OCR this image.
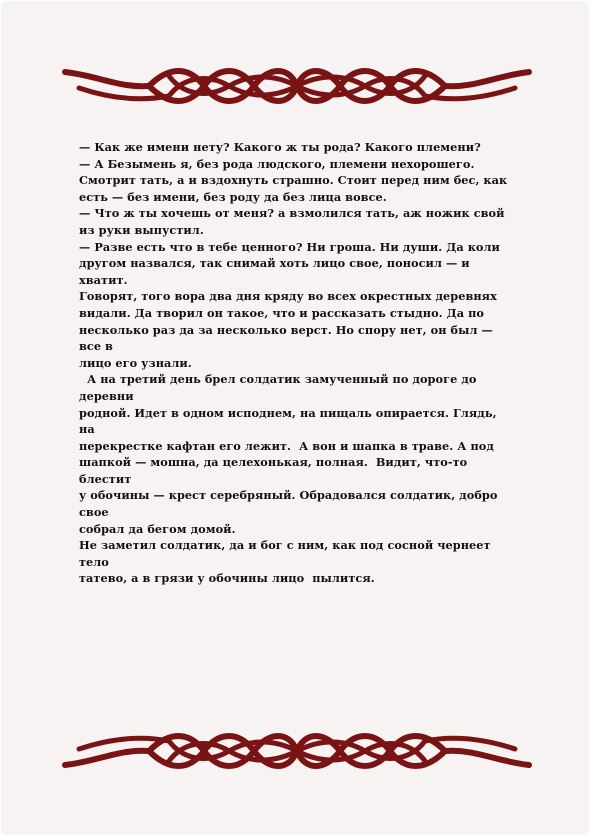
— Как же имени нету? Какого ж ты рода? Какого племени?

— А Безымень я, без рода людского, племени нехорошего.

Смотрит тать, а и вздохнуть страшно. Стоит перед ним бес, как

есть — без имени, без роду да без лица вовсе.

— Что ж ты хочешь от меня? а взмолился тать, аж ножик свой

из руки выпустил.

— Разве есть что в тебе ценного? Ни гроша. Ни души. Да коли

другом назвался, так снимай хоть лицо свое, поносил — и хватит.

Говорят, того вора два дня кряду во всех окрестных деревнях

видали. Да творил он такое, что и рассказать стыдно. Да по

несколько раз да за несколько верст. Но спору нет, он был — все в

лицо его узнали.

А на третий день брел солдатик замученный по дороге до деревни

родной. Идет в одном исподнем, на пищаль опирается. Глядь, на

перекрестке кафтан его лежит.  А вон и шапка в траве. А под

шапкой — мошна, да целехонькая, полная.  Видит, что-то блестит

у обочины — крест серебряный. Обрадовался солдатик, добро свое

собрал да бегом домой.

Не заметил солдатик, да и бог с ним, как под сосной чернеет тело

татево, а в грязи у обочины лицо  пылится.
